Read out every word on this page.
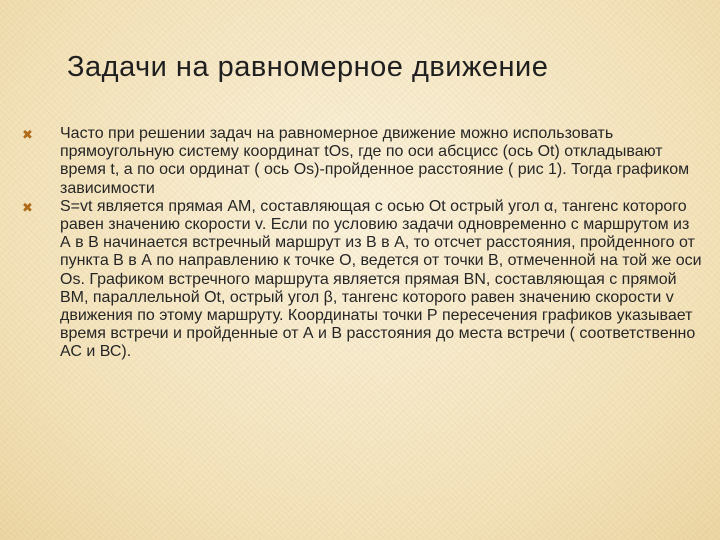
Задачи на равномерное движение
✖ Часто при решении задач на равномерное движение можно использовать прямоугольную систему координат tOs, где по оси абсцисс (ось Ot) откладывают время t, а по оси ординат ( ось Os)-пройденное расстояние ( рис 1). Тогда графиком зависимости
✖ S=vt является прямая АМ, составляющая с осью Ot острый угол α, тангенс которого равен значению скорости v. Если по условию задачи одновременно с маршрутом из А в В начинается встречный маршрут из В в А, то отсчет расстояния, пройденного от пункта В в А по направлению к точке О, ведется от точки В, отмеченной на той же оси Os. Графиком встречного маршрута является прямая BN, составляющая с прямой ВМ, параллельной Ot, острый угол β, тангенс которого равен значению скорости v движения по этому маршруту. Координаты точки Р пересечения графиков указывает время встречи и пройденные от А и В расстояния до места встречи ( соответственно АС и ВС).
